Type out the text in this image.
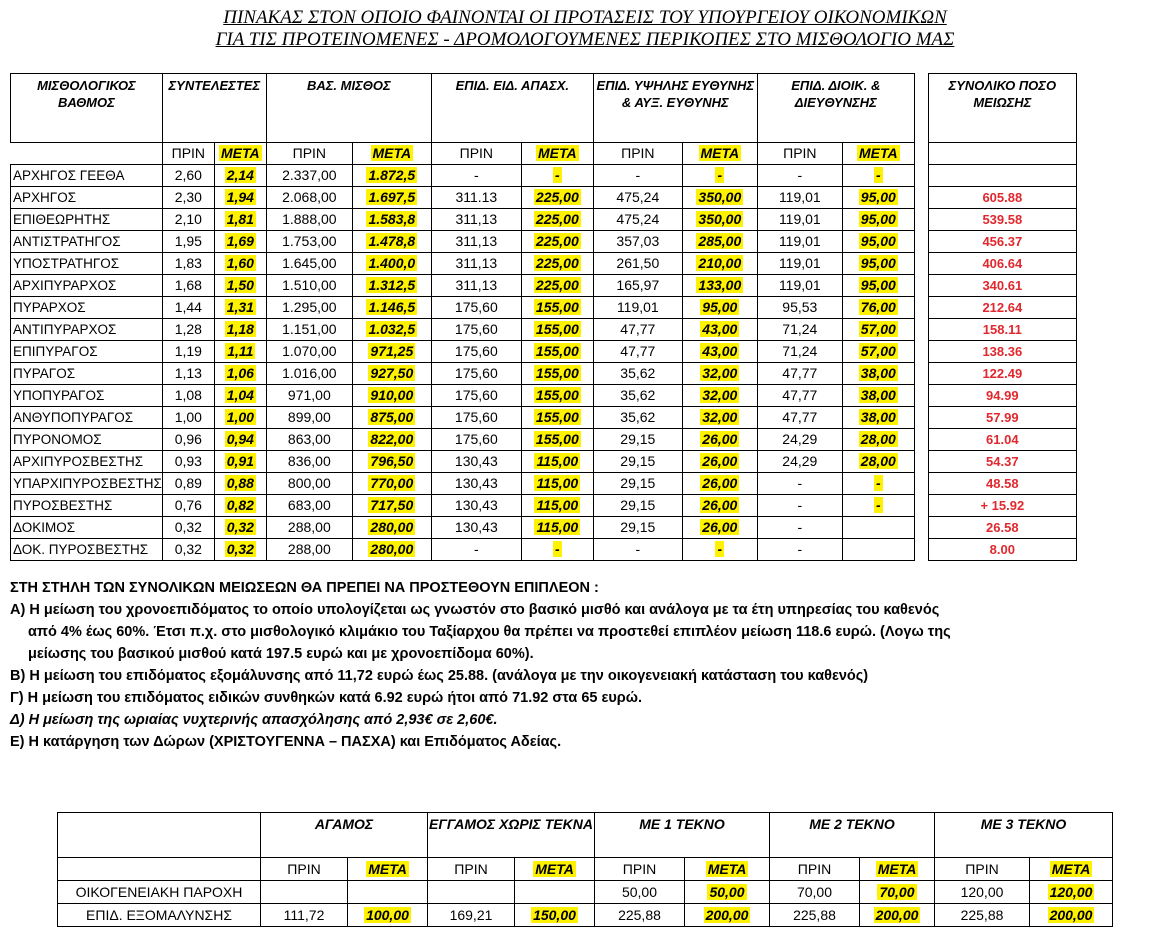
ΠΙΝΑΚΑΣ ΣΤΟΝ ΟΠΟΙΟ ΦΑΙΝΟΝΤΑΙ ΟΙ ΠΡΟΤΑΣΕΙΣ ΤΟΥ ΥΠΟΥΡΓΕΙΟΥ ΟΙΚΟΝΟΜΙΚΩΝ
ΓΙΑ ΤΙΣ ΠΡΟΤΕΙΝΟΜΕΝΕΣ - ΔΡΟΜΟΛΟΓΟΥΜΕΝΕΣ ΠΕΡΙΚΟΠΕΣ ΣΤΟ ΜΙΣΘΟΛΟΓΙΟ ΜΑΣ
ΜΙΣΘΟΛΟΓΙΚΟΣ ΒΑΘΜΟΣ	ΣΥΝΤΕΛΕΣΤΕΣ		ΒΑΣ. ΜΙΣΘΟΣ		ΕΠΙΔ. ΕΙΔ. ΑΠΑΣΧ.		ΕΠΙΔ. ΥΨΗΛΗΣ ΕΥΘΥΝΗΣ & ΑΥΞ. ΕΥΘΥΝΗΣ		ΕΠΙΔ. ΔΙΟΙΚ. & ΔΙΕΥΘΥΝΣΗΣ			ΣΥΝΟΛΙΚΟ ΠΟΣΟ ΜΕΙΩΣΗΣ
	ΠΡΙΝ	ΜΕΤΑ	ΠΡΙΝ	ΜΕΤΑ	ΠΡΙΝ	ΜΕΤΑ	ΠΡΙΝ	ΜΕΤΑ	ΠΡΙΝ	ΜΕΤΑ		
ΑΡΧΗΓΟΣ ΓΕΕΘΑ	2,60	2,14	2.337,00	1.872,5	-	-	-	-	-	-		
ΑΡΧΗΓΟΣ	2,30	1,94	2.068,00	1.697,5	311.13	225,00	475,24	350,00	119,01	95,00		605.88
ΕΠΙΘΕΩΡΗΤΗΣ	2,10	1,81	1.888,00	1.583,8	311,13	225,00	475,24	350,00	119,01	95,00		539.58
ΑΝΤΙΣΤΡΑΤΗΓΟΣ	1,95	1,69	1.753,00	1.478,8	311,13	225,00	357,03	285,00	119,01	95,00		456.37
ΥΠΟΣΤΡΑΤΗΓΟΣ	1,83	1,60	1.645,00	1.400,0	311,13	225,00	261,50	210,00	119,01	95,00		406.64
ΑΡΧΙΠΥΡΑΡΧΟΣ	1,68	1,50	1.510,00	1.312,5	311,13	225,00	165,97	133,00	119,01	95,00		340.61
ΠΥΡΑΡΧΟΣ	1,44	1,31	1.295,00	1.146,5	175,60	155,00	119,01	95,00	95,53	76,00		212.64
ΑΝΤΙΠΥΡΑΡΧΟΣ	1,28	1,18	1.151,00	1.032,5	175,60	155,00	47,77	43,00	71,24	57,00		158.11
ΕΠΙΠΥΡΑΓΟΣ	1,19	1,11	1.070,00	971,25	175,60	155,00	47,77	43,00	71,24	57,00		138.36
ΠΥΡΑΓΟΣ	1,13	1,06	1.016,00	927,50	175,60	155,00	35,62	32,00	47,77	38,00		122.49
ΥΠΟΠΥΡΑΓΟΣ	1,08	1,04	971,00	910,00	175,60	155,00	35,62	32,00	47,77	38,00		94.99
ΑΝΘΥΠΟΠΥΡΑΓΟΣ	1,00	1,00	899,00	875,00	175,60	155,00	35,62	32,00	47,77	38,00		57.99
ΠΥΡΟΝΟΜΟΣ	0,96	0,94	863,00	822,00	175,60	155,00	29,15	26,00	24,29	28,00		61.04
ΑΡΧΙΠΥΡΟΣΒΕΣΤΗΣ	0,93	0,91	836,00	796,50	130,43	115,00	29,15	26,00	24,29	28,00		54.37
ΥΠΑΡΧΙΠΥΡΟΣΒΕΣΤΗΣ	0,89	0,88	800,00	770,00	130,43	115,00	29,15	26,00	-	-		48.58
ΠΥΡΟΣΒΕΣΤΗΣ	0,76	0,82	683,00	717,50	130,43	115,00	29,15	26,00	-	-		+ 15.92
ΔΟΚΙΜΟΣ	0,32	0,32	288,00	280,00	130,43	115,00	29,15	26,00	-			26.58
ΔΟΚ. ΠΥΡΟΣΒΕΣΤΗΣ	0,32	0,32	288,00	280,00	-	-	-	-	-			8.00

ΣΤΗ ΣΤΗΛΗ ΤΩΝ ΣΥΝΟΛΙΚΩΝ ΜΕΙΩΣΕΩΝ ΘΑ ΠΡΕΠΕΙ ΝΑ ΠΡΟΣΤΕΘΟΥΝ ΕΠΙΠΛΕΟΝ :

Α) Η μείωση του χρονοεπιδόματος το οποίο υπολογίζεται ως γνωστόν στο βασικό μισθό και ανάλογα με τα έτη υπηρεσίας του καθενός

από 4% έως 60%. Έτσι π.χ. στο μισθολογικό κλιμάκιο του Ταξίαρχου θα πρέπει να προστεθεί επιπλέον μείωση 118.6 ευρώ. (Λογω της

μείωσης του βασικού μισθού κατά 197.5 ευρώ και με χρονοεπίδομα 60%).

Β) Η μείωση του επιδόματος εξομάλυνσης από 11,72 ευρώ έως 25.88. (ανάλογα με την οικογενειακή κατάσταση του καθενός)

Γ) Η μείωση του επιδόματος ειδικών συνθηκών κατά 6.92 ευρώ ήτοι από 71.92 στα 65 ευρώ.

Δ) Η μείωση της ωριαίας νυχτερινής απασχόλησης από 2,93€ σε 2,60€.

Ε) Η κατάργηση των Δώρων (ΧΡΙΣΤΟΥΓΕΝΝΑ – ΠΑΣΧΑ) και Επιδόματος Αδείας.

	ΑΓΑΜΟΣ		ΕΓΓΑΜΟΣ ΧΩΡΙΣ ΤΕΚΝΑ		ΜΕ 1 ΤΕΚΝΟ		ΜΕ 2 ΤΕΚΝΟ		ΜΕ 3 ΤΕΚΝΟ	
	ΠΡΙΝ	ΜΕΤΑ	ΠΡΙΝ	ΜΕΤΑ	ΠΡΙΝ	ΜΕΤΑ	ΠΡΙΝ	ΜΕΤΑ	ΠΡΙΝ	ΜΕΤΑ
ΟΙΚΟΓΕΝΕΙΑΚΗ ΠΑΡΟΧΗ					50,00	50,00	70,00	70,00	120,00	120,00
ΕΠΙΔ. ΕΞΟΜΑΛΥΝΣΗΣ	111,72	100,00	169,21	150,00	225,88	200,00	225,88	200,00	225,88	200,00
